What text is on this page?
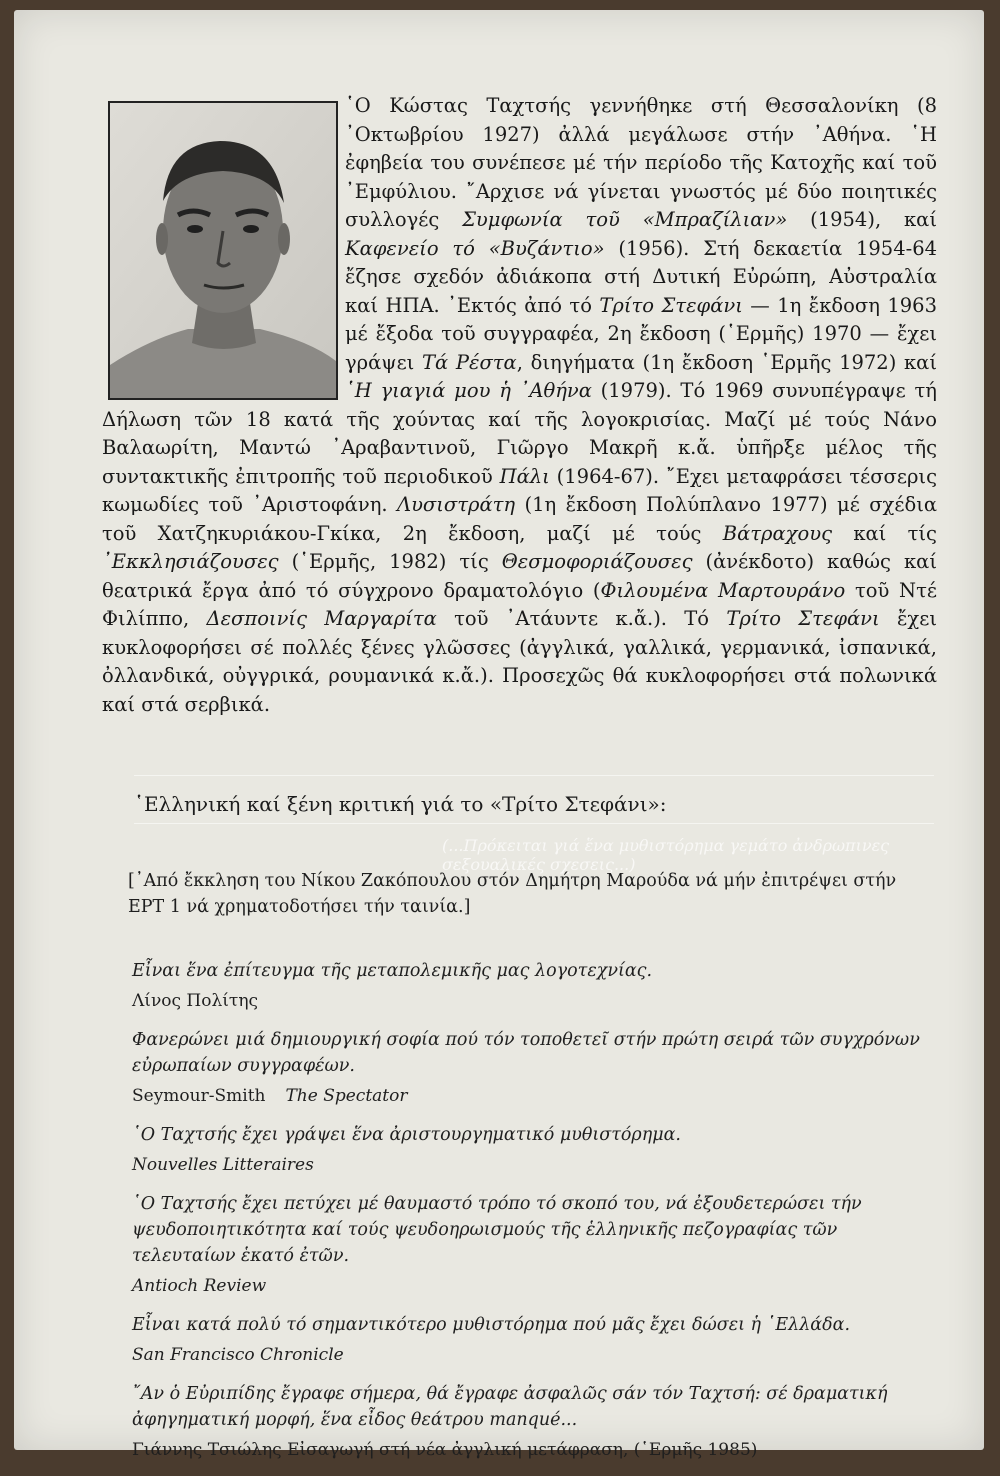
῾Ο Κώστας Ταχτσής γεννήθηκε στή Θεσσαλονίκη (8 ᾿Οκτωβρίου 1927) ἀλλά μεγάλωσε στήν ᾿Αθήνα. ῾Η ἐφηβεία του συνέπεσε μέ τήν περίοδο τῆς Κατοχῆς καί τοῦ ᾿Εμφύλιου. ῎Αρχισε νά γίνεται γνωστός μέ δύο ποιητικές συλλογές Συμφωνία τοῦ «Μπραζίλιαν» (1954), καί Καφενείο τό «Βυζάντιο» (1956). Στή δεκαετία 1954-64 ἔζησε σχεδόν ἀδιάκοπα στή Δυτική Εὐρώπη, Αὐστραλία καί ΗΠΑ. ᾿Εκτός ἀπό τό Τρίτο Στεφάνι — 1η ἔκδοση 1963 μέ ἔξοδα τοῦ συγγραφέα, 2η ἔκδοση (῾Ερμῆς) 1970 — ἔχει γράψει Τά Ρέστα, διηγήματα (1η ἔκδοση ῾Ερμῆς 1972) καί ῾Η γιαγιά μου ἡ ᾿Αθήνα (1979). Τό 1969 συνυπέγραψε τή Δήλωση τῶν 18 κατά τῆς χούντας καί τῆς λογοκρισίας. Μαζί μέ τούς Νάνο Βαλαωρίτη, Μαντώ ᾿Αραβαντινοῦ, Γιῶργο Μακρῆ κ.ἄ. ὑπῆρξε μέλος τῆς συντακτικῆς ἐπιτροπῆς τοῦ περιοδικοῦ Πάλι (1964-67). ῎Εχει μεταφράσει τέσσερις κωμωδίες τοῦ ᾿Αριστοφάνη. Λυσιστράτη (1η ἔκδοση Πολύπλανο 1977) μέ σχέδια τοῦ Χατζηκυριάκου-Γκίκα, 2η ἔκδοση, μαζί μέ τούς Βάτραχους καί τίς ᾿Εκκλησιάζουσες (῾Ερμῆς, 1982) τίς Θεσμοφοριάζουσες (ἀνέκδοτο) καθώς καί θεατρικά ἔργα ἀπό τό σύγχρονο δραματολόγιο (Φιλουμένα Μαρτουράνο τοῦ Ντέ Φιλίππο, Δεσποινίς Μαργαρίτα τοῦ ᾿Ατάυντε κ.ἄ.). Τό Τρίτο Στεφάνι ἔχει κυκλοφορήσει σέ πολλές ξένες γλῶσσες (ἀγγλικά, γαλλικά, γερμανικά, ἰσπανικά, ὀλλανδικά, οὐγγρικά, ρουμανικά κ.ἄ.). Προσεχῶς θά κυκλοφορήσει στά πολωνικά καί στά σερβικά.

῾Ελληνική καί ξένη κριτική γιά το «Τρίτο Στεφάνι»:

(...Πρόκειται γιά ἕνα μυθιστόρημα γεμάτο ἀνδρωπινες σεξουαλικές σχεσεις...)

[᾿Από ἔκκληση του Νίκου Ζακόπουλου στόν Δημήτρη Μαρούδα νά μήν ἐπιτρέψει στήν ΕΡΤ 1 νά χρηματοδοτήσει τήν ταινία.]

Εἶναι ἕνα ἐπίτευγμα τῆς μεταπολεμικῆς μας λογοτεχνίας.

Λίνος Πολίτης

Φανερώνει μιά δημιουργική σοφία πού τόν τοποθετεῖ στήν πρώτη σειρά τῶν συγχρόνων εὐρωπαίων συγγραφέων.

Seymour-Smith The Spectator

῾Ο Ταχτσής ἔχει γράψει ἕνα ἀριστουργηματικό μυθιστόρημα.

Nouvelles Litteraires

῾Ο Ταχτσής ἔχει πετύχει μέ θαυμαστό τρόπο τό σκοπό του, νά ἐξουδετερώσει τήν ψευδοποιητικότητα καί τούς ψευδοηρωισμούς τῆς ἑλληνικῆς πεζογραφίας τῶν τελευταίων ἑκατό ἐτῶν.

Antioch Review

Εἶναι κατά πολύ τό σημαντικότερο μυθιστόρημα πού μᾶς ἔχει δώσει ἡ ῾Ελλάδα.

San Francisco Chronicle

῎Αν ὁ Εὐριπίδης ἔγραφε σήμερα, θά ἔγραφε ἀσφαλῶς σάν τόν Ταχτσή: σέ δραματική ἀφηγηματική μορφή, ἕνα εἶδος θεάτρου manqué...

Γιάννης Τσιώλης Εἰσαγωγή στή νέα ἀγγλική μετάφραση, (῾Ερμῆς 1985)
